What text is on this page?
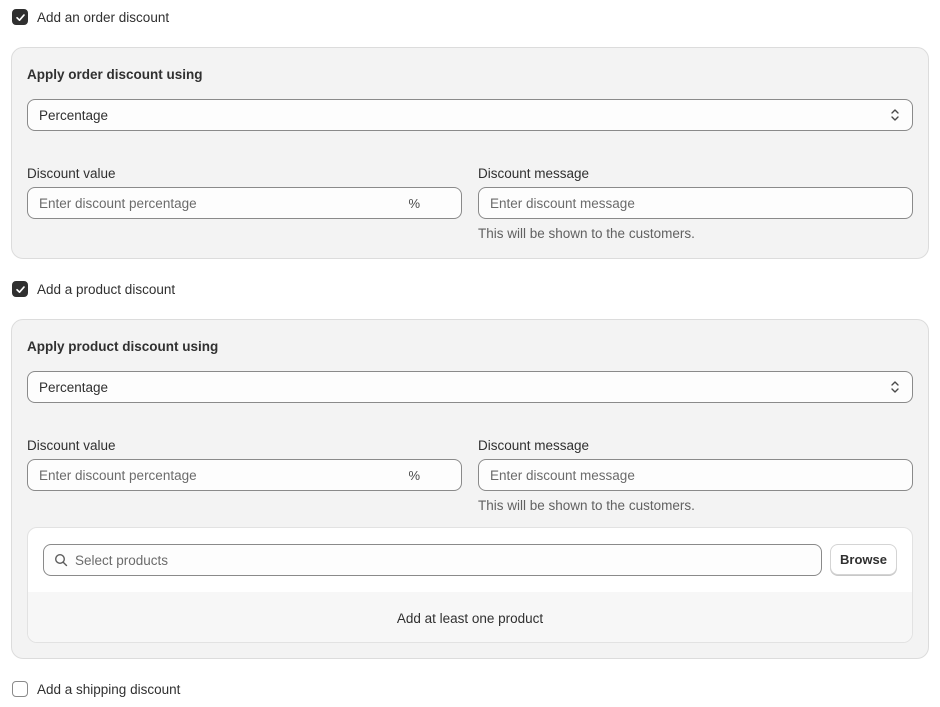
Add an order discount
Apply order discount using
Percentage
Discount value
Enter discount percentage	%
Discount message
Enter discount message
This will be shown to the customers.
Add a product discount
Apply product discount using
Percentage
Discount value
Enter discount percentage	%
Discount message
Enter discount message
This will be shown to the customers.
Select products	Browse
Add at least one product
Add a shipping discount
